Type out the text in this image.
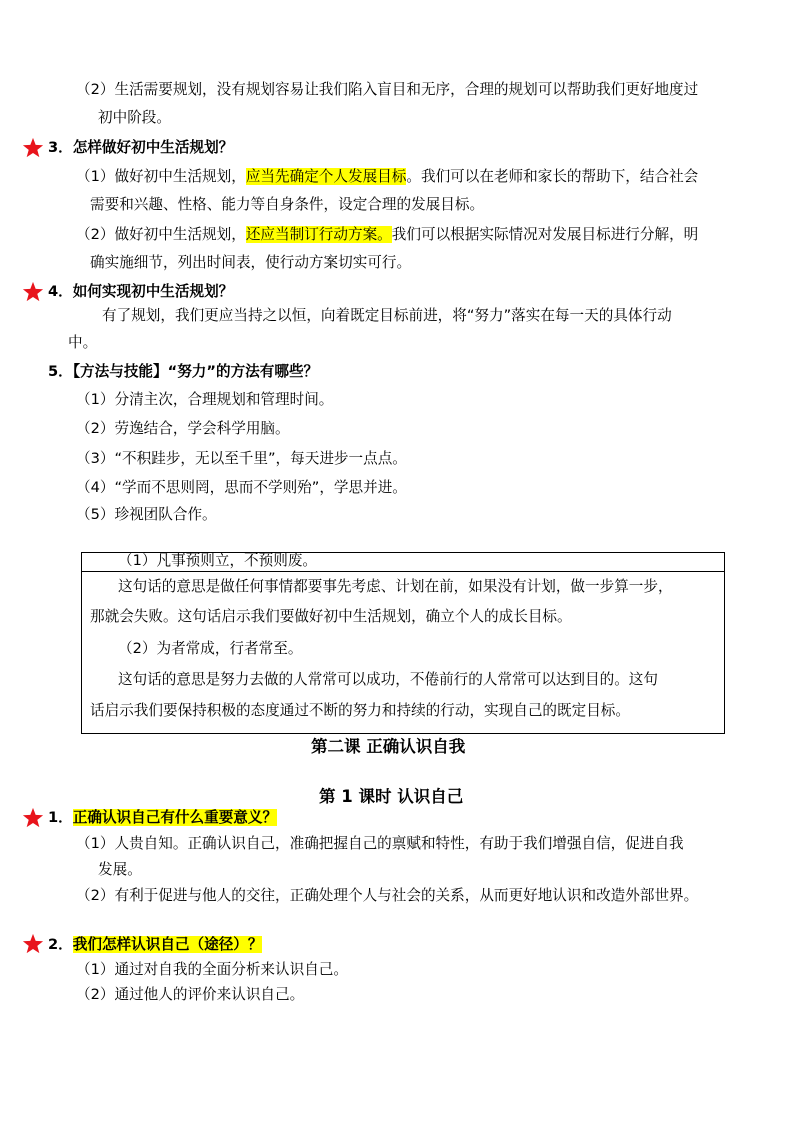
（2）生活需要规划，没有规划容易让我们陷入盲目和无序，合理的规划可以帮助我们更好地度过
初中阶段。
3．怎样做好初中生活规划？
（1）做好初中生活规划，应当先确定个人发展目标。我们可以在老师和家长的帮助下，结合社会
需要和兴趣、性格、能力等自身条件，设定合理的发展目标。
（2）做好初中生活规划，还应当制订行动方案。我们可以根据实际情况对发展目标进行分解，明
确实施细节，列出时间表，使行动方案切实可行。
4．如何实现初中生活规划？
有了规划，我们更应当持之以恒，向着既定目标前进，将“努力”落实在每一天的具体行动
中。
5．【方法与技能】“努力”的方法有哪些？
（1）分清主次，合理规划和管理时间。
（2）劳逸结合，学会科学用脑。
（3）“不积跬步，无以至千里”，每天进步一点点。
（4）“学而不思则罔，思而不学则殆”，学思并进。
（5）珍视团队合作。
（1）凡事预则立，不预则废。
这句话的意思是做任何事情都要事先考虑、计划在前，如果没有计划，做一步算一步，
那就会失败。这句话启示我们要做好初中生活规划，确立个人的成长目标。
（2）为者常成，行者常至。
这句话的意思是努力去做的人常常可以成功，不倦前行的人常常可以达到目的。这句
话启示我们要保持积极的态度通过不断的努力和持续的行动，实现自己的既定目标。
第二课 正确认识自我
第 1 课时 认识自己
1．正确认识自己有什么重要意义？
（1）人贵自知。正确认识自己，准确把握自己的禀赋和特性，有助于我们增强自信，促进自我
发展。
（2）有利于促进与他人的交往，正确处理个人与社会的关系，从而更好地认识和改造外部世界。
2．我们怎样认识自己（途径）？
（1）通过对自我的全面分析来认识自己。
（2）通过他人的评价来认识自己。
